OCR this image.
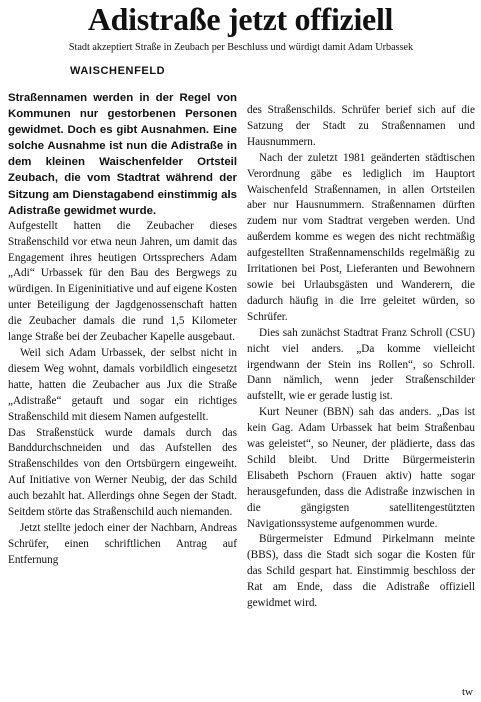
Adistraße jetzt offiziell
Stadt akzeptiert Straße in Zeubach per Beschluss und würdigt damit Adam Urbassek
WAISCHENFELD

Straßennamen werden in der Regel von Kommunen nur gestorbenen Personen gewidmet. Doch es gibt Ausnahmen. Eine solche Ausnahme ist nun die Adistraße in dem kleinen Waischenfelder Ortsteil Zeubach, die vom Stadtrat während der Sitzung am Dienstagabend einstimmig als Adistraße gewidmet wurde.

Aufgestellt hatten die Zeubacher dieses Straßenschild vor etwa neun Jahren, um damit das Engagement ihres heutigen Ortssprechers Adam „Adi“ Urbassek für den Bau des Bergwegs zu würdigen. In Eigeninitiative und auf eigene Kosten unter Beteiligung der Jagdgenossenschaft hatten die Zeubacher damals die rund 1,5 Kilometer lange Straße bei der Zeubacher Kapelle ausgebaut.

Weil sich Adam Urbassek, der selbst nicht in diesem Weg wohnt, damals vorbildlich eingesetzt hatte, hatten die Zeubacher aus Jux die Straße „Adistraße“ getauft und sogar ein richtiges Straßenschild mit diesem Namen aufgestellt.

Das Straßenstück wurde damals durch das Banddurchschneiden und das Aufstellen des Straßenschildes von den Ortsbürgern eingeweiht. Auf Initiative von Werner Neubig, der das Schild auch bezahlt hat. Allerdings ohne Segen der Stadt. Seitdem störte das Straßenschild auch niemanden.

Jetzt stellte jedoch einer der Nachbarn, Andreas Schrüfer, einen schriftlichen Antrag auf Entfernung

des Straßenschilds. Schrüfer berief sich auf die Satzung der Stadt zu Straßennamen und Hausnummern.

Nach der zuletzt 1981 geänderten städtischen Verordnung gäbe es lediglich im Hauptort Waischenfeld Straßennamen, in allen Ortsteilen aber nur Hausnummern. Straßennamen dürften zudem nur vom Stadtrat vergeben werden. Und außerdem komme es wegen des nicht rechtmäßig aufgestellten Straßennamenschilds regelmäßig zu Irritationen bei Post, Lieferanten und Bewohnern sowie bei Urlaubsgästen und Wanderern, die dadurch häufig in die Irre geleitet würden, so Schrüfer.

Dies sah zunächst Stadtrat Franz Schroll (CSU) nicht viel anders. „Da komme vielleicht irgendwann der Stein ins Rollen“, so Schroll. Dann nämlich, wenn jeder Straßenschilder aufstellt, wie er gerade lustig ist.

Kurt Neuner (BBN) sah das anders. „Das ist kein Gag. Adam Urbassek hat beim Straßenbau was geleistet“, so Neuner, der plädierte, dass das Schild bleibt. Und Dritte Bürgermeisterin Elisabeth Pschorn (Frauen aktiv) hatte sogar herausgefunden, dass die Adistraße inzwischen in die gängigsten satellitengestützten Navigationssysteme aufgenommen wurde.

Bürgermeister Edmund Pirkelmann meinte (BBS), dass die Stadt sich sogar die Kosten für das Schild gespart hat. Einstimmig beschloss der Rat am Ende, dass die Adistraße offiziell gewidmet wird.

tw
